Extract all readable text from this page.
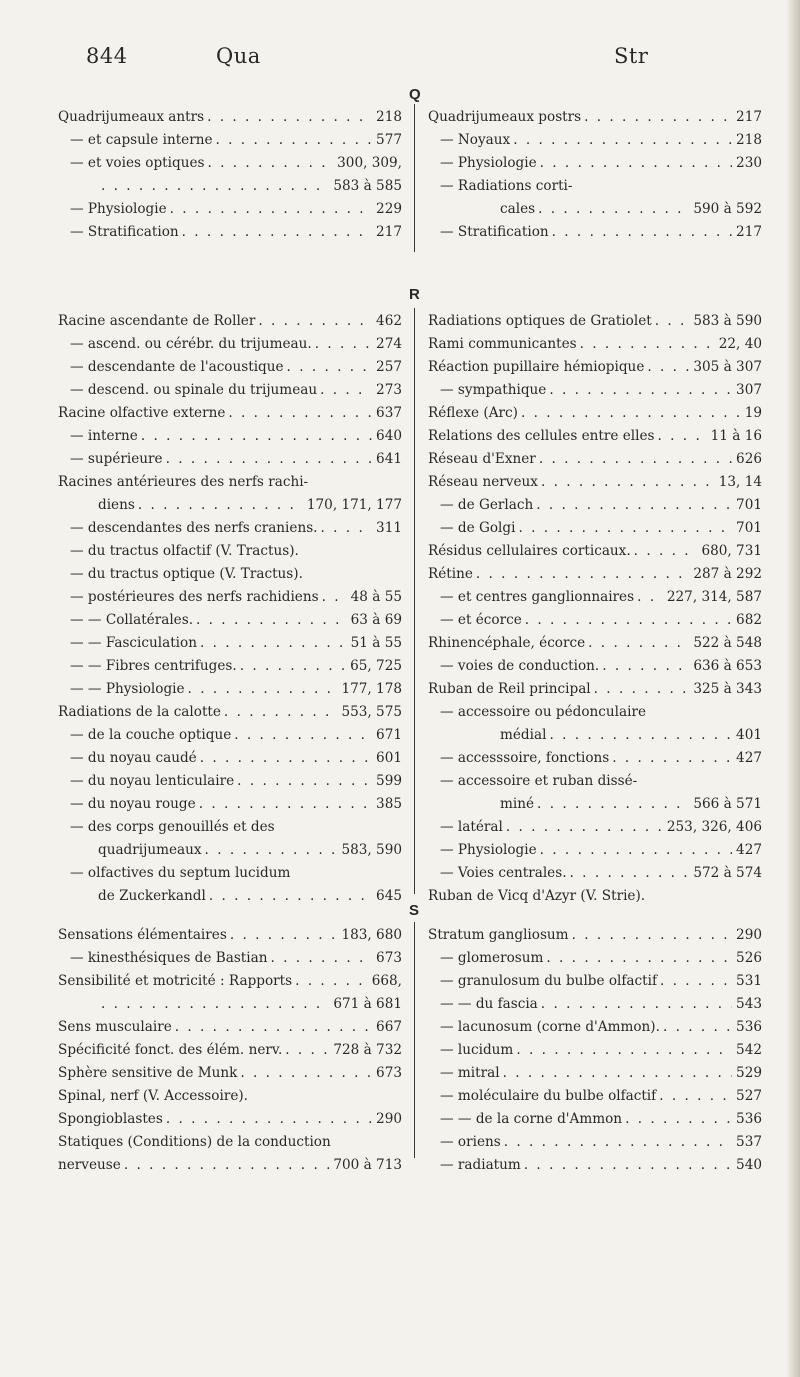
844	Qua	Str
Q
R
S
Quadrijumeaux antrs . . .	218
— et capsule interne . . .	577
— et voies optiques . . .	300, 309,
. . .
583 à 585
— Physiologie . . .	229
— Stratification . . .	217
Quadrijumeaux postrs . . .	217
— Noyaux . . .	218
— Physiologie . . .	230
— Radiations corti-
cales . . .	590 à 592
— Stratification . . .	217
Racine ascendante de Roller . . .	462
— ascend. ou cérébr. du trijumeau. . . .	274
— descendante de l'acoustique . . .	257
— descend. ou spinale du trijumeau . . .	273
Racine olfactive externe . . .	637
— interne . . .	640
— supérieure . . .	641
Racines antérieures des nerfs rachi-
diens . . .	170, 171, 177
— descendantes des nerfs craniens. . . .	311
— du tractus olfactif (V. Tractus).
— du tractus optique (V. Tractus).
— postérieures des nerfs rachidiens . . . 48 à 55
— — Collatérales. . . .	63 à 69
— — Fasciculation . . .	51 à 55
— — Fibres centrifuges. . . .	65, 725
— — Physiologie . . .	177, 178
Radiations de la calotte . . .	553, 575
— de la couche optique . . .	671
— du noyau caudé . . .	601
— du noyau lenticulaire . . .	599
— du noyau rouge . . .	385
— des corps genouillés et des
quadrijumeaux . . .	583, 590
— olfactives du septum lucidum
de Zuckerkandl . . .	645
Radiations optiques de Gratiolet . . .	583 à 590
Rami communicantes . . .	22, 40
Réaction pupillaire hémiopique . . .	305 à 307
— sympathique . . .	307
Réflexe (Arc) . . .	19
Relations des cellules entre elles . . .	11 à 16
Réseau d'Exner . . .	626
Réseau nerveux . . .	13, 14
— de Gerlach . . .	701
— de Golgi . . .	701
Résidus cellulaires corticaux. . . .	680, 731
Rétine . . .	287 à 292
— et centres ganglionnaires . . . 227, 314, 587
— et écorce . . .	682
Rhinencéphale, écorce . . .	522 à 548
— voies de conduction. . . .	636 à 653
Ruban de Reil principal . . .	325 à 343
— accessoire ou pédonculaire
médial . . .	401
— accesssoire, fonctions . . .	427
— accessoire et ruban dissé-
miné . . .	566 à 571
— latéral . . .	253, 326, 406
— Physiologie . . .	427
— Voies centrales. . . .	572 à 574
Ruban de Vicq d'Azyr (V. Strie).
Sensations élémentaires . . .	183, 680
— kinesthésiques de Bastian . . .	673
Sensibilité et motricité : Rapports . . .	668,
. . .
671 à 681
Sens musculaire . . .	667
Spécificité fonct. des élém. nerv. . . .	728 à 732
Sphère sensitive de Munk . . .	673
Spinal, nerf (V. Accessoire).
Spongioblastes . . .	290
Statiques (Conditions) de la conduction
nerveuse . . .	700 à 713
Stratum gangliosum . . .	290
— glomerosum . . .	526
— granulosum du bulbe olfactif . . .	531
— — du fascia . . .	543
— lacunosum (corne d'Ammon). . . .	536
— lucidum . . .	542
— mitral . . .	529
— moléculaire du bulbe olfactif . . .	527
— — de la corne d'Ammon . . .	536
— oriens . . .	537
— radiatum . . .	540
